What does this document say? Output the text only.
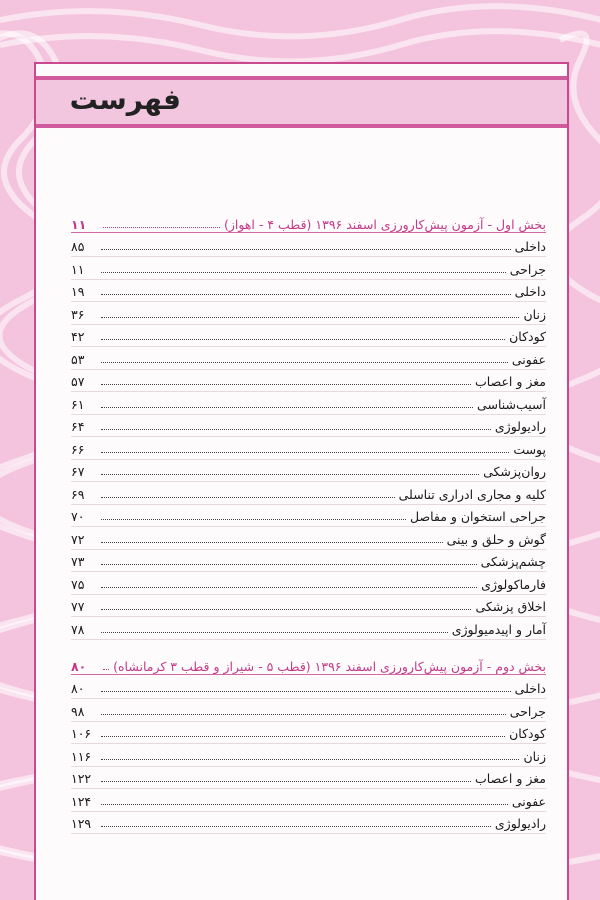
فهرست
بخش اول - آزمون پیش‌کارورزی اسفند ۱۳۹۶ (قطب ۴ - اهواز)
۱۱
داخلی
۸۵
جراحی
۱۱
داخلی
۱۹
زنان
۳۶
کودکان
۴۲
عفونی
۵۳
مغز و اعصاب
۵۷
آسیب‌شناسی
۶۱
رادیولوژی
۶۴
پوست
۶۶
روان‌پزشکی
۶۷
کلیه و مجاری ادراری تناسلی
۶۹
جراحی استخوان و مفاصل
۷۰
گوش و حلق و بینی
۷۲
چشم‌پزشکی
۷۳
فارماکولوژی
۷۵
اخلاق پزشکی
۷۷
آمار و اپیدمیولوژی
۷۸
بخش دوم - آزمون پیش‌کارورزی اسفند ۱۳۹۶ (قطب ۵ - شیراز و قطب ۳ کرمانشاه)
۸۰
داخلی
۸۰
جراحی
۹۸
کودکان
۱۰۶
زنان
۱۱۶
مغز و اعصاب
۱۲۲
عفونی
۱۲۴
رادیولوژی
۱۲۹
